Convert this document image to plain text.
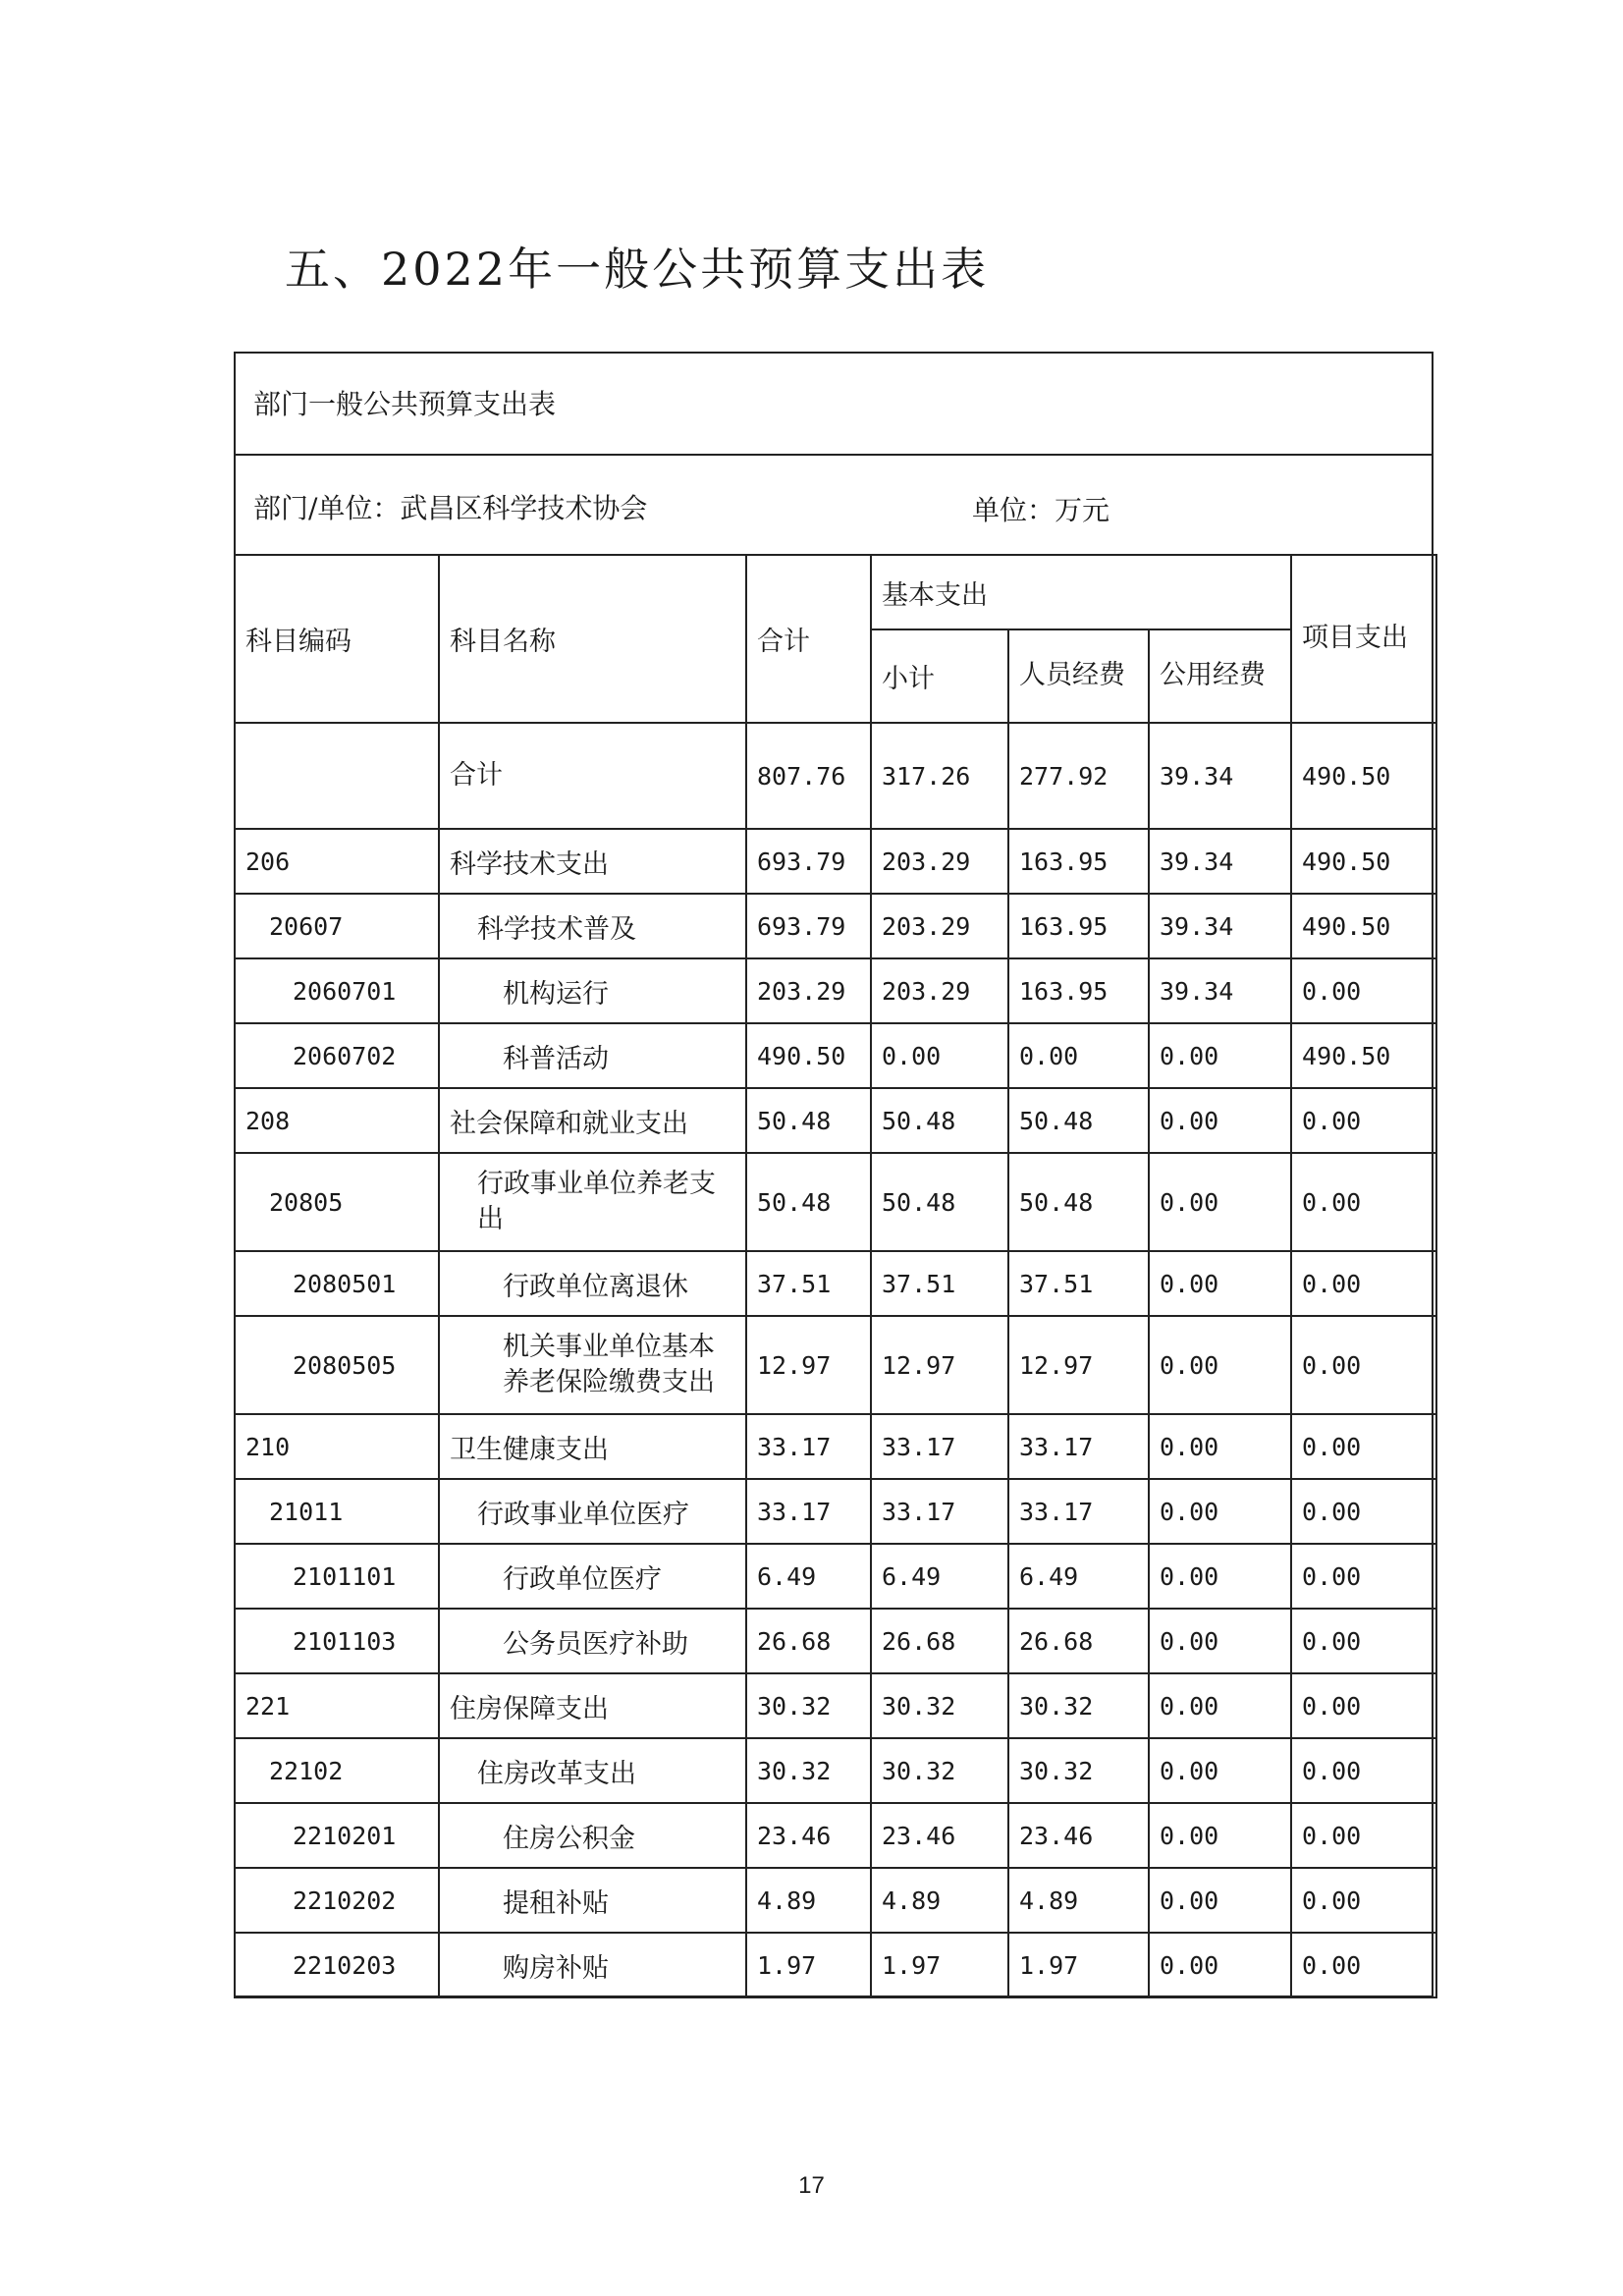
五、2022年一般公共预算支出表
部门一般公共预算支出表
部门/单位：武昌区科学技术协会	单位：万元
科目编码	科目名称	合计	基本支出			项目支出
			小计	人员经费	公用经费	
	合计	807.76	317.26	277.92	39.34	490.50
206	科学技术支出	693.79	203.29	163.95	39.34	490.50
20607	科学技术普及	693.79	203.29	163.95	39.34	490.50
2060701	机构运行	203.29	203.29	163.95	39.34	0.00
2060702	科普活动	490.50	0.00	0.00	0.00	490.50
208	社会保障和就业支出	50.48	50.48	50.48	0.00	0.00
20805	行政事业单位养老支出	50.48	50.48	50.48	0.00	0.00
2080501	行政单位离退休	37.51	37.51	37.51	0.00	0.00
2080505	机关事业单位基本养老保险缴费支出	12.97	12.97	12.97	0.00	0.00
210	卫生健康支出	33.17	33.17	33.17	0.00	0.00
21011	行政事业单位医疗	33.17	33.17	33.17	0.00	0.00
2101101	行政单位医疗	6.49	6.49	6.49	0.00	0.00
2101103	公务员医疗补助	26.68	26.68	26.68	0.00	0.00
221	住房保障支出	30.32	30.32	30.32	0.00	0.00
22102	住房改革支出	30.32	30.32	30.32	0.00	0.00
2210201	住房公积金	23.46	23.46	23.46	0.00	0.00
2210202	提租补贴	4.89	4.89	4.89	0.00	0.00
2210203	购房补贴	1.97	1.97	1.97	0.00	0.00
17
